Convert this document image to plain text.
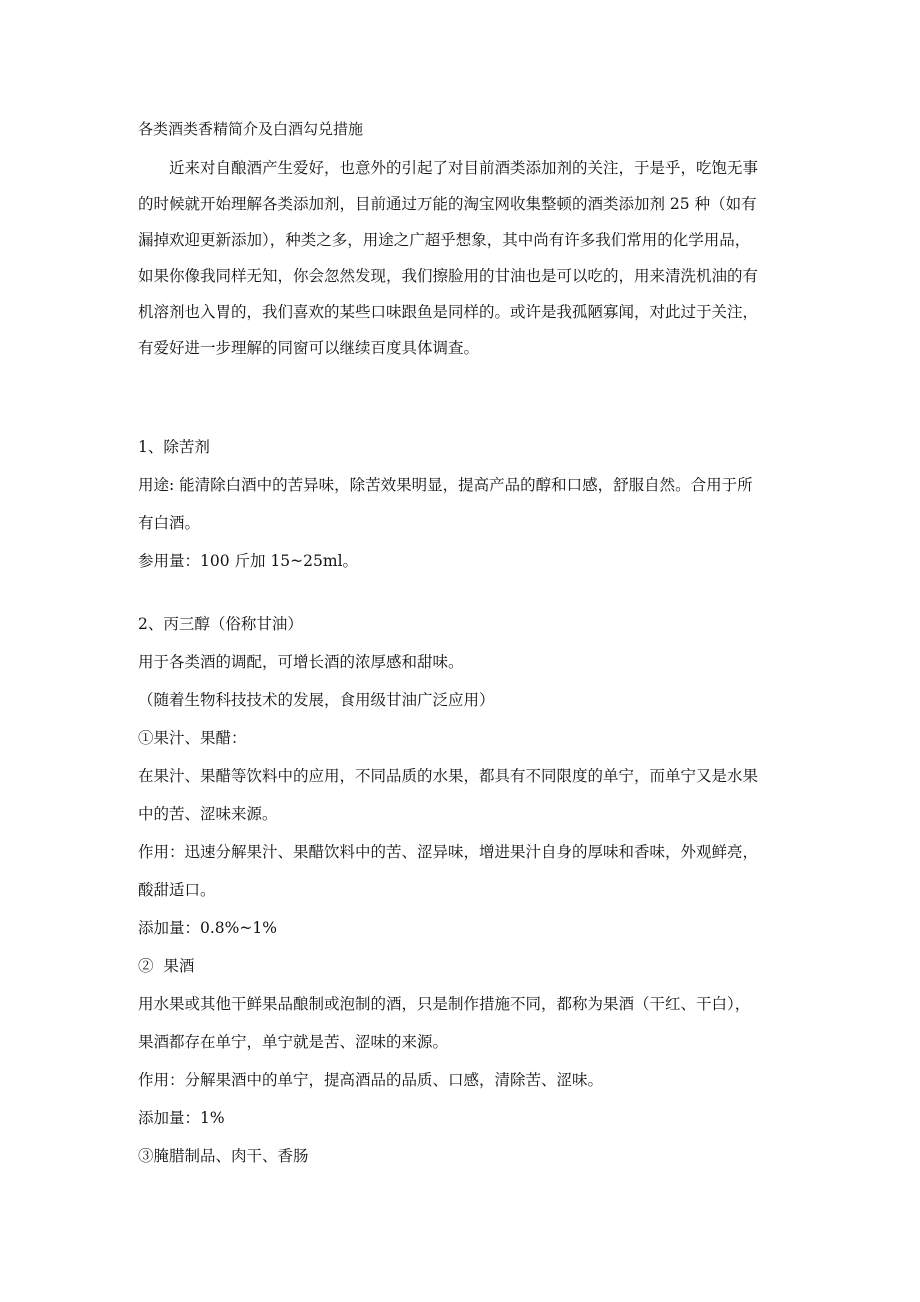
各类酒类香精简介及白酒勾兑措施
近来对自酿酒产生爱好，也意外的引起了对目前酒类添加剂的关注，于是乎，吃饱无事
的时候就开始理解各类添加剂，目前通过万能的淘宝网收集整顿的酒类添加剂 25 种（如有
漏掉欢迎更新添加），种类之多，用途之广超乎想象，其中尚有许多我们常用的化学用品，
如果你像我同样无知，你会忽然发现，我们擦脸用的甘油也是可以吃的，用来清洗机油的有
机溶剂也入胃的，我们喜欢的某些口味跟鱼是同样的。或许是我孤陋寡闻，对此过于关注，
有爱好进一步理解的同窗可以继续百度具体调查。
1、除苦剂
用途: 能清除白酒中的苦异味，除苦效果明显，提高产品的醇和口感，舒服自然。合用于所
有白酒。
参用量：100 斤加 15~25ml。
2、丙三醇（俗称甘油）
用于各类酒的调配，可增长酒的浓厚感和甜味。
（随着生物科技技术的发展，食用级甘油广泛应用）
①果汁、果醋：
在果汁、果醋等饮料中的应用，不同品质的水果，都具有不同限度的单宁，而单宁又是水果
中的苦、涩味来源。
作用：迅速分解果汁、果醋饮料中的苦、涩异味，增进果汁自身的厚味和香味，外观鲜亮，
酸甜适口。
添加量：0.8%~1%
②  果酒
用水果或其他干鲜果品酿制或泡制的酒，只是制作措施不同，都称为果酒（干红、干白），
果酒都存在单宁，单宁就是苦、涩味的来源。
作用：分解果酒中的单宁，提高酒品的品质、口感，清除苦、涩味。
添加量：1%
③腌腊制品、肉干、香肠
